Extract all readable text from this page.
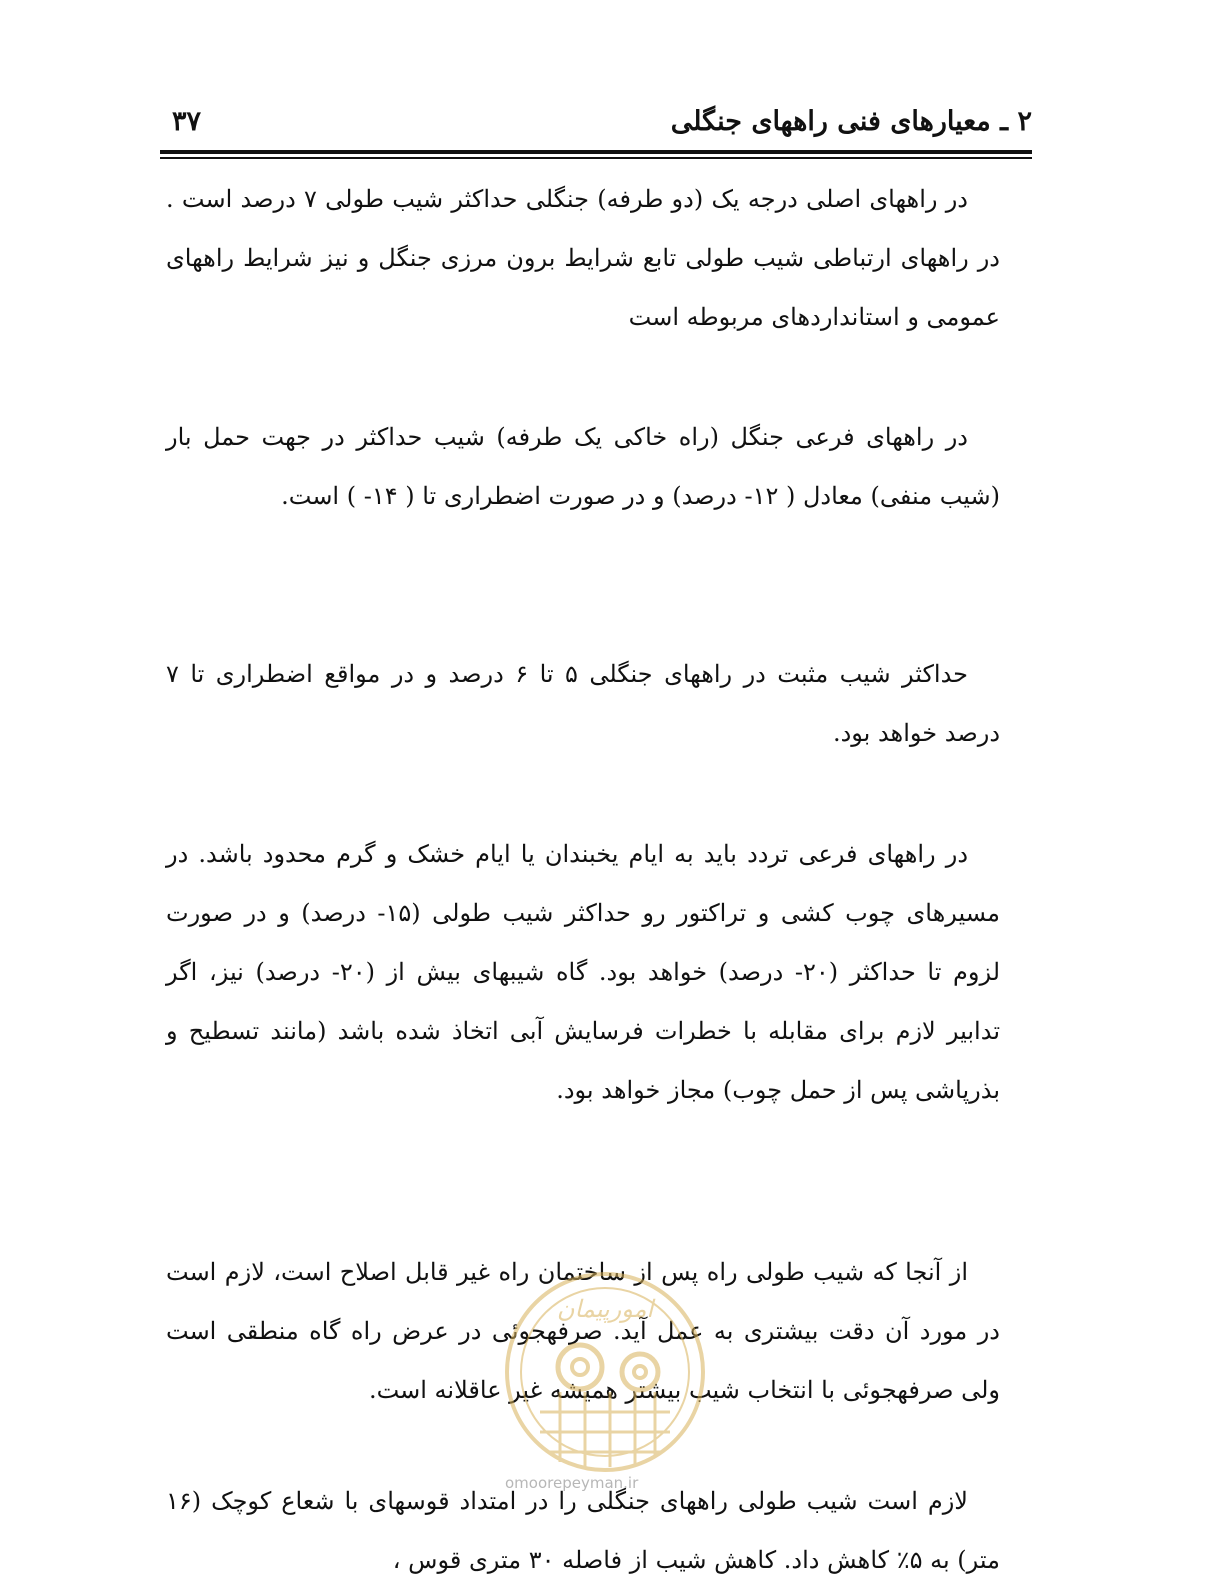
۲ ـ معیارهای فنی راههای جنگلی
۳۷

در راههای اصلی درجه یک (دو طرفه) جنگلی حداکثر شیب طولی ۷ درصد است . در راههای ارتباطی شیب طولی تابع شرایط برون مرزی جنگل و نیز شرایط راههای عمومی و استانداردهای مربوطه است

در راههای فرعی جنگل (راه خاکی یک طرفه) شیب حداکثر در جهت حمل بار (شیب منفی) معادل ( ۱۲- درصد) و در صورت اضطراری تا ( ۱۴- ) است.

حداکثر شیب مثبت در راههای جنگلی ۵ تا ۶ درصد و در مواقع اضطراری تا ۷ درصد خواهد بود.

در راههای فرعی تردد باید به ایام یخبندان یا ایام خشک و گرم محدود باشد. در مسیرهای چوب کشی و تراکتور رو حداکثر شیب طولی (۱۵- درصد) و در صورت لزوم تا حداکثر (۲۰- درصد) خواهد بود. گاه شیبهای بیش از (۲۰- درصد) نیز، اگر تدابیر لازم برای مقابله با خطرات فرسایش آبی اتخاذ شده باشد (مانند تسطیح و بذرپاشی پس از حمل چوب) مجاز خواهد بود.

از آنجا که شیب طولی راه پس از ساختمان راه غیر قابل اصلاح است، لازم است در مورد آن دقت بیشتری به عمل آید. صرفهجوئی در عرض راه گاه منطقی است ولی صرفهجوئی با انتخاب شیب بیشتر همیشه غیر عاقلانه است.

لازم است شیب طولی راههای جنگلی را در امتداد قوسهای با شعاع کوچک (۱۶ متر) به ۵٪ کاهش داد. کاهش شیب از فاصله ۳۰ متری قوس ،

امورپیمان
omoorepeyman.ir
